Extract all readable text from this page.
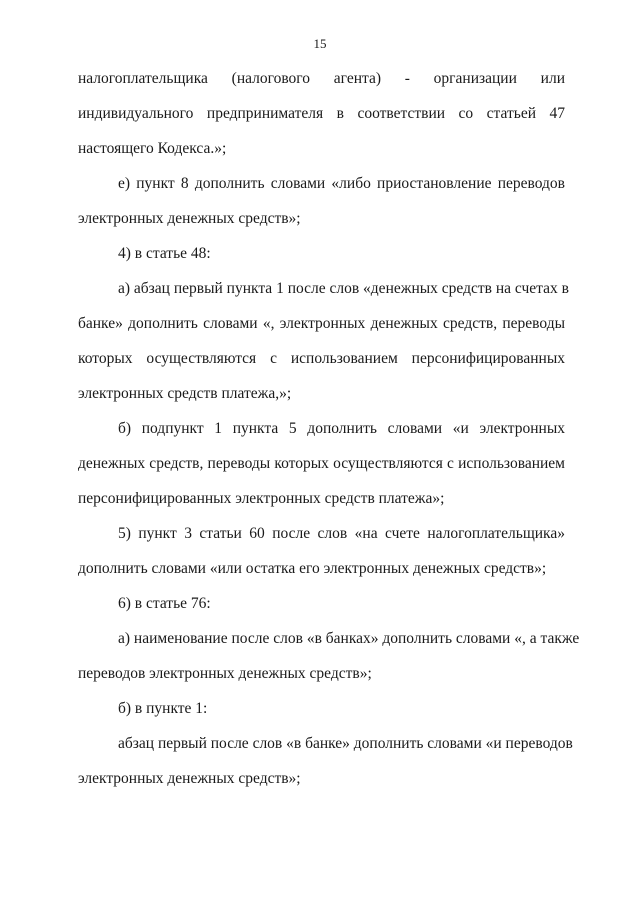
15
налогоплательщика (налогового агента) - организации или
индивидуального предпринимателя в соответствии со статьей 47
настоящего Кодекса.»;
е) пункт 8 дополнить словами «либо приостановление переводов
электронных денежных средств»;
4) в статье 48:
а) абзац первый пункта 1 после слов «денежных средств на счетах в
банке» дополнить словами «, электронных денежных средств, переводы
которых осуществляются с использованием персонифицированных
электронных средств платежа,»;
б) подпункт 1 пункта 5 дополнить словами «и электронных
денежных средств, переводы которых осуществляются с использованием
персонифицированных электронных средств платежа»;
5) пункт 3 статьи 60 после слов «на счете налогоплательщика»
дополнить словами «или остатка его электронных денежных средств»;
6) в статье 76:
а) наименование после слов «в банках» дополнить словами «, а также
переводов электронных денежных средств»;
б) в пункте 1:
абзац первый после слов «в банке» дополнить словами «и переводов
электронных денежных средств»;
